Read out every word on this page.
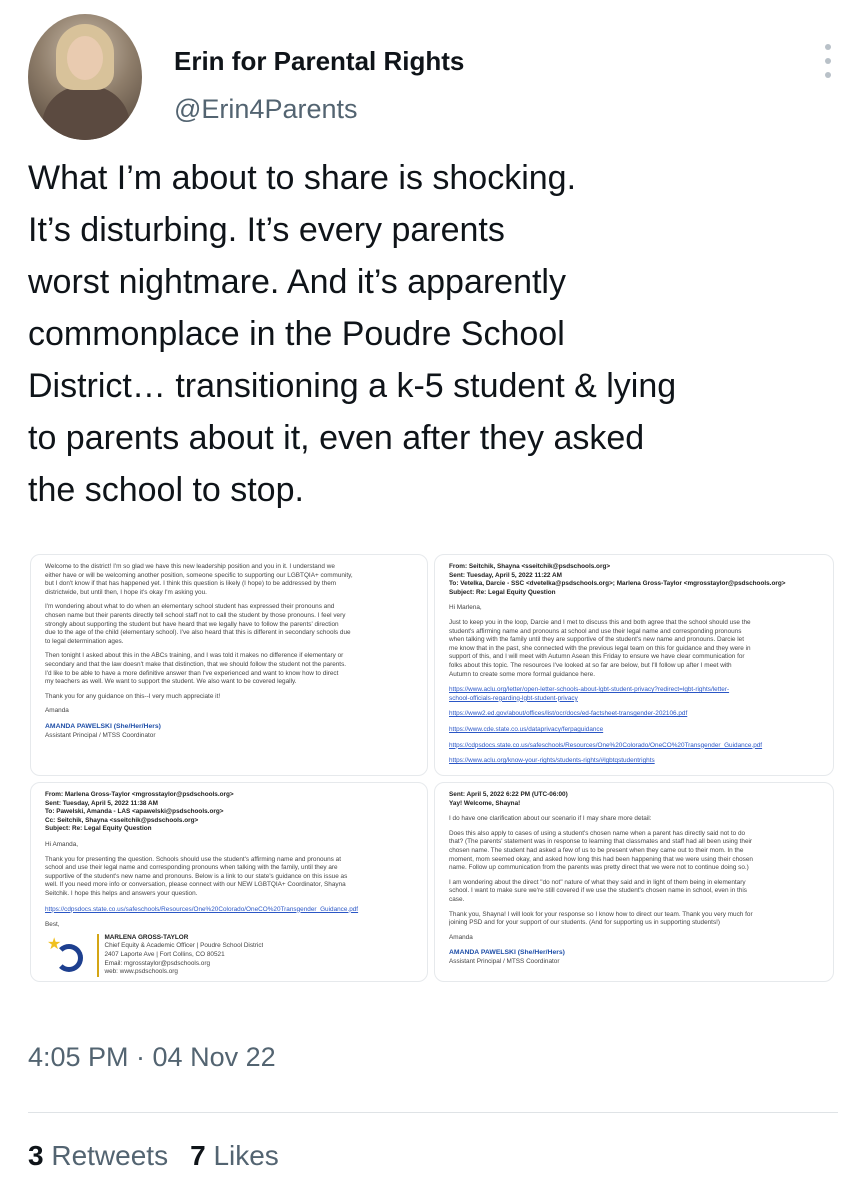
Erin for Parental Rights
@Erin4Parents
What I’m about to share is shocking.
It’s disturbing. It’s every parents
worst nightmare. And it’s apparently
commonplace in the Poudre School
District… transitioning a k-5 student & lying
to parents about it, even after they asked
the school to stop.
Welcome to the district! I'm so glad we have this new leadership position and you in it. I understand we
either have or will be welcoming another position, someone specific to supporting our LGBTQIA+ community,
but I don't know if that has happened yet. I think this question is likely (I hope) to be addressed by them
districtwide, but until then, I hope it's okay I'm asking you.
I'm wondering about what to do when an elementary school student has expressed their pronouns and
chosen name but their parents directly tell school staff not to call the student by those pronouns. I feel very
strongly about supporting the student but have heard that we legally have to follow the parents' direction
due to the age of the child (elementary school). I've also heard that this is different in secondary schools due
to legal determination ages.
Then tonight I asked about this in the ABCs training, and I was told it makes no difference if elementary or
secondary and that the law doesn't make that distinction, that we should follow the student not the parents.
I'd like to be able to have a more definitive answer than I've experienced and want to know how to direct
my teachers as well. We want to support the student. We also want to be covered legally.
Thank you for any guidance on this--I very much appreciate it!
Amanda
AMANDA PAWELSKI (She/Her/Hers)
Assistant Principal / MTSS Coordinator
From: Seitchik, Shayna <sseitchik@psdschools.org>
Sent: Tuesday, April 5, 2022 11:22 AM
To: Vetelka, Darcie - SSC <dvetelka@psdschools.org>; Marlena Gross-Taylor <mgrosstaylor@psdschools.org>
Subject: Re: Legal Equity Question
Hi Marlena,
Just to keep you in the loop, Darcie and I met to discuss this and both agree that the school should use the
student's affirming name and pronouns at school and use their legal name and corresponding pronouns
when talking with the family until they are supportive of the student's new name and pronouns. Darcie let
me know that in the past, she connected with the previous legal team on this for guidance and they were in
support of this, and I will meet with Autumn Asean this Friday to ensure we have clear communication for
folks about this topic. The resources I've looked at so far are below, but I'll follow up after I meet with
Autumn to create some more formal guidance here.
https://www.aclu.org/letter/open-letter-schools-about-lgbt-student-privacy?redirect=lgbt-rights/letter-
school-officials-regarding-lgbt-student-privacy
https://www2.ed.gov/about/offices/list/ocr/docs/ed-factsheet-transgender-202106.pdf
https://www.cde.state.co.us/dataprivacy/ferpaguidance
https://cdpsdocs.state.co.us/safeschools/Resources/One%20Colorado/OneCO%20Transgender_Guidance.pdf
https://www.aclu.org/know-your-rights/students-rights/#lgbtqstudentrights
From: Marlena Gross-Taylor <mgrosstaylor@psdschools.org>
Sent: Tuesday, April 5, 2022 11:38 AM
To: Pawelski, Amanda - LAS <apawelski@psdschools.org>
Cc: Seitchik, Shayna <sseitchik@psdschools.org>
Subject: Re: Legal Equity Question
Hi Amanda,
Thank you for presenting the question. Schools should use the student's affirming name and pronouns at
school and use their legal name and corresponding pronouns when talking with the family, until they are
supportive of the student's new name and pronouns. Below is a link to our state's guidance on this issue as
well. If you need more info or conversation, please connect with our NEW LGBTQIA+ Coordinator, Shayna
Seitchik. I hope this helps and answers your question.
https://cdpsdocs.state.co.us/safeschools/Resources/One%20Colorado/OneCO%20Transgender_Guidance.pdf
Best,
★
	MARLENA GROSS-TAYLOR
Chief Equity & Academic Officer | Poudre School District
2407 Laporte Ave | Fort Collins, CO 80521
Email: mgrosstaylor@psdschools.org
web: www.psdschools.org
Sent: April 5, 2022 6:22 PM (UTC-06:00)
Yay! Welcome, Shayna!
I do have one clarification about our scenario if I may share more detail:
Does this also apply to cases of using a student's chosen name when a parent has directly said not to do
that? (The parents' statement was in response to learning that classmates and staff had all been using their
chosen name. The student had asked a few of us to be present when they came out to their mom. In the
moment, mom seemed okay, and asked how long this had been happening that we were using their chosen
name. Follow up communication from the parents was pretty direct that we were not to continue doing so.)
I am wondering about the direct "do not" nature of what they said and in light of them being in elementary
school. I want to make sure we're still covered if we use the student's chosen name in school, even in this
case.
Thank you, Shayna! I will look for your response so I know how to direct our team. Thank you very much for
joining PSD and for your support of our students. (And for supporting us in supporting students!)
Amanda
AMANDA PAWELSKI (She/Her/Hers)
Assistant Principal / MTSS Coordinator
4:05 PM · 04 Nov 22
3 Retweets 7 Likes
